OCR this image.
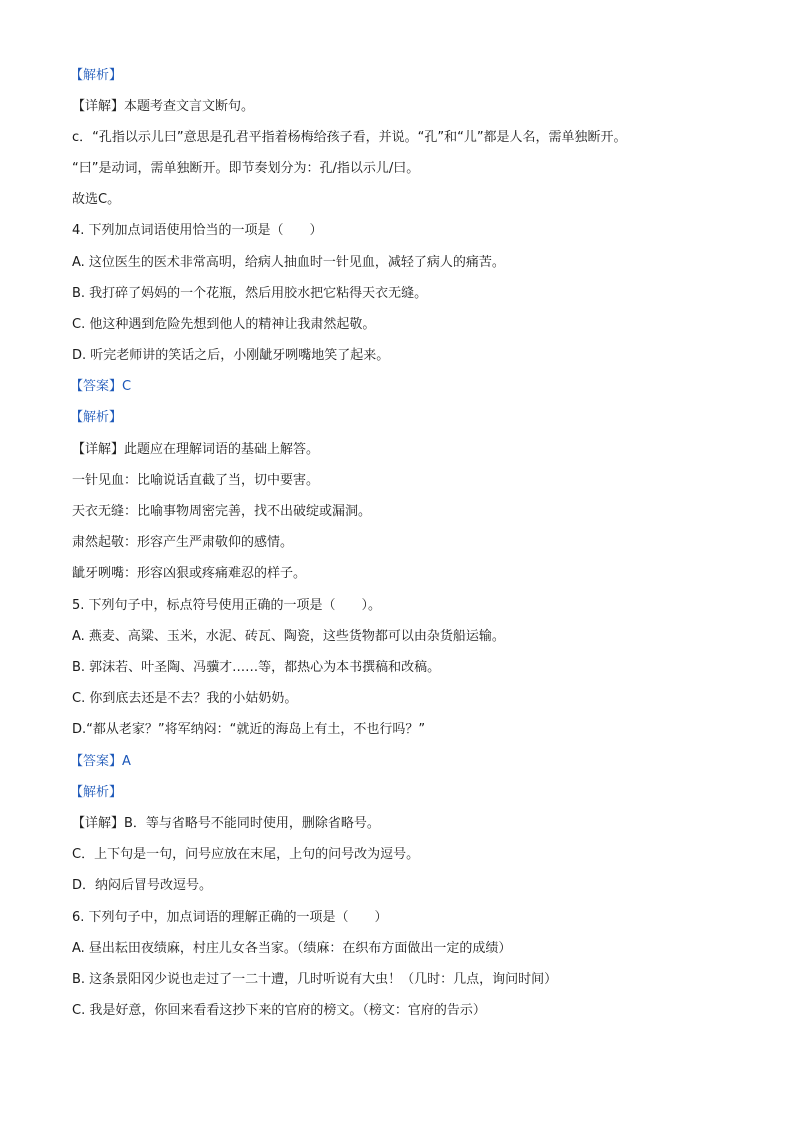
【解析】
【详解】本题考查文言文断句。
c．“孔指以示儿曰”意思是孔君平指着杨梅给孩子看，并说。“孔”和“儿”都是人名，需单独断开。
“曰”是动词，需单独断开。即节奏划分为：孔/指以示儿/曰。
故选C。
4. 下列加点词语使用恰当的一项是（　　）
A. 这位医生的医术非常高明，给病人抽血时一针见血，减轻了病人的痛苦。
B. 我打碎了妈妈的一个花瓶，然后用胶水把它粘得天衣无缝。
C. 他这种遇到危险先想到他人的精神让我肃然起敬。
D. 听完老师讲的笑话之后，小刚龇牙咧嘴地笑了起来。
【答案】C
【解析】
【详解】此题应在理解词语的基础上解答。
一针见血：比喻说话直截了当，切中要害。
天衣无缝：比喻事物周密完善，找不出破绽或漏洞。
肃然起敬：形容产生严肃敬仰的感情。
龇牙咧嘴：形容凶狠或疼痛难忍的样子。
5. 下列句子中，标点符号使用正确的一项是（　　）。
A. 燕麦、高粱、玉米，水泥、砖瓦、陶瓷，这些货物都可以由杂货船运输。
B. 郭沫若、叶圣陶、冯骥才……等，都热心为本书撰稿和改稿。
C. 你到底去还是不去？我的小姑奶奶。
D.“都从老家？”将军纳闷：“就近的海岛上有土，不也行吗？”
【答案】A
【解析】
【详解】B．等与省略号不能同时使用，删除省略号。
C．上下句是一句，问号应放在末尾，上句的问号改为逗号。
D．纳闷后冒号改逗号。
6. 下列句子中，加点词语的理解正确的一项是（　　）
A. 昼出耘田夜绩麻，村庄儿女各当家。（绩麻：在织布方面做出一定的成绩）
B. 这条景阳冈少说也走过了一二十遭，几时听说有大虫！（几时：几点，询问时间）
C. 我是好意，你回来看看这抄下来的官府的榜文。（榜文：官府的告示）
